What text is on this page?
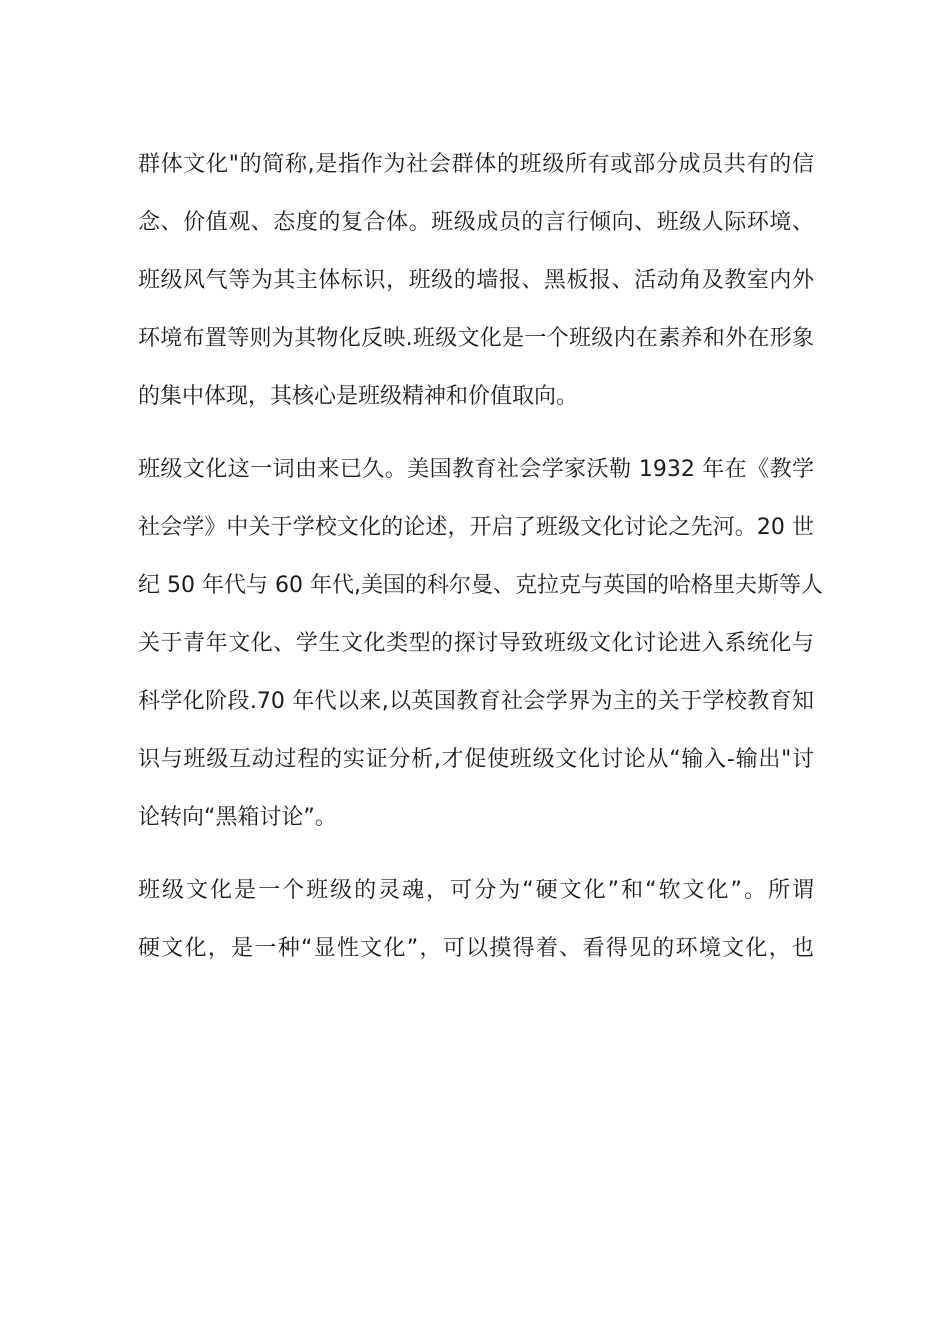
群体文化"的简称,是指作为社会群体的班级所有或部分成员共有的信
念、价值观、态度的复合体。班级成员的言行倾向、班级人际环境、
班级风气等为其主体标识，班级的墙报、黑板报、活动角及教室内外
环境布置等则为其物化反映.班级文化是一个班级内在素养和外在形象
的集中体现，其核心是班级精神和价值取向。
班级文化这一词由来已久。美国教育社会学家沃勒 1932 年在《教学
社会学》中关于学校文化的论述，开启了班级文化讨论之先河。20 世
纪 50 年代与 60 年代,美国的科尔曼、克拉克与英国的哈格里夫斯等人
关于青年文化、学生文化类型的探讨导致班级文化讨论进入系统化与
科学化阶段.70 年代以来,以英国教育社会学界为主的关于学校教育知
识与班级互动过程的实证分析,才促使班级文化讨论从“输入-输出"讨
论转向“黑箱讨论”。
班级文化是一个班级的灵魂，可分为“硬文化”和“软文化”。所谓
硬文化，是一种“显性文化”，可以摸得着、看得见的环境文化，也
